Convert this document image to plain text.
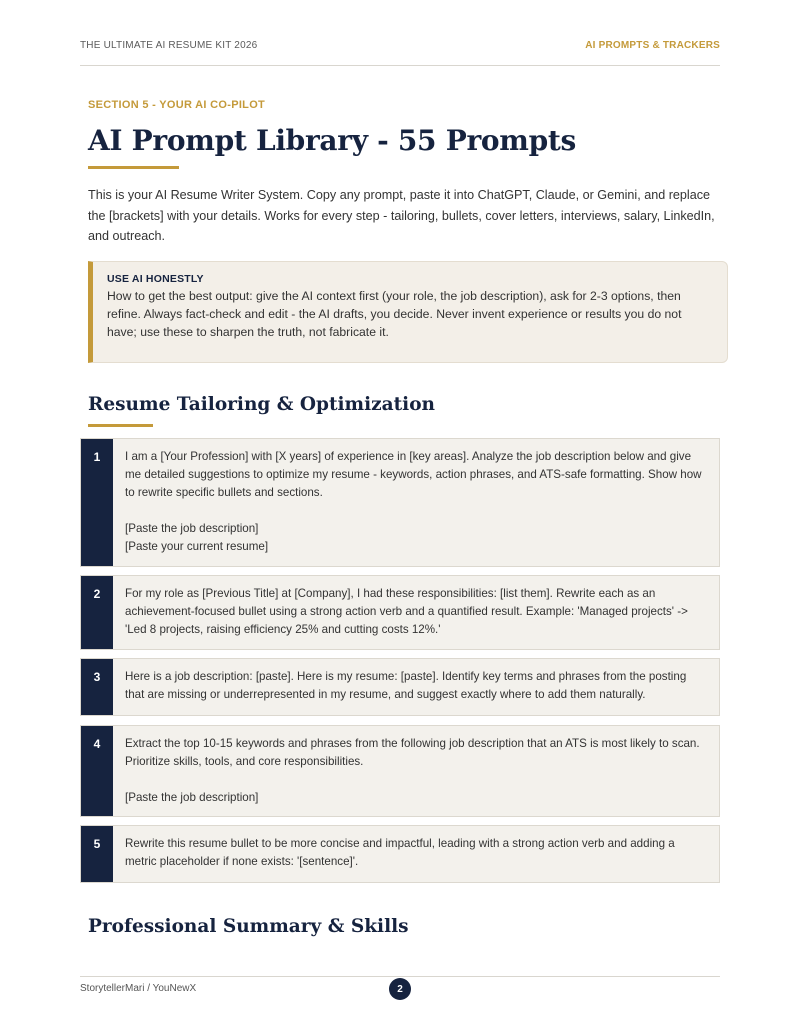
THE ULTIMATE AI RESUME KIT 2026	AI PROMPTS & TRACKERS
SECTION 5 - YOUR AI CO-PILOT
AI Prompt Library - 55 Prompts

This is your AI Resume Writer System. Copy any prompt, paste it into ChatGPT, Claude, or Gemini, and replace the [brackets] with your details. Works for every step - tailoring, bullets, cover letters, interviews, salary, LinkedIn, and outreach.

USE AI HONESTLY
How to get the best output: give the AI context first (your role, the job description), ask for 2-3 options, then refine. Always fact-check and edit - the AI drafts, you decide. Never invent experience or results you do not have; use these to sharpen the truth, not fabricate it.
Resume Tailoring & Optimization
1	I am a [Your Profession] with [X years] of experience in [key areas]. Analyze the job description below and give me detailed suggestions to optimize my resume - keywords, action phrases, and ATS-safe formatting. Show how to rewrite specific bullets and sections.

[Paste the job description]
[Paste your current resume]
2	For my role as [Previous Title] at [Company], I had these responsibilities: [list them]. Rewrite each as an achievement-focused bullet using a strong action verb and a quantified result. Example: 'Managed projects' -> 'Led 8 projects, raising efficiency 25% and cutting costs 12%.'
3	Here is a job description: [paste]. Here is my resume: [paste]. Identify key terms and phrases from the posting that are missing or underrepresented in my resume, and suggest exactly where to add them naturally.
4	Extract the top 10-15 keywords and phrases from the following job description that an ATS is most likely to scan. Prioritize skills, tools, and core responsibilities.

[Paste the job description]
5	Rewrite this resume bullet to be more concise and impactful, leading with a strong action verb and adding a metric placeholder if none exists: '[sentence]'.
Professional Summary & Skills
StorytellerMari / YouNewX	2
